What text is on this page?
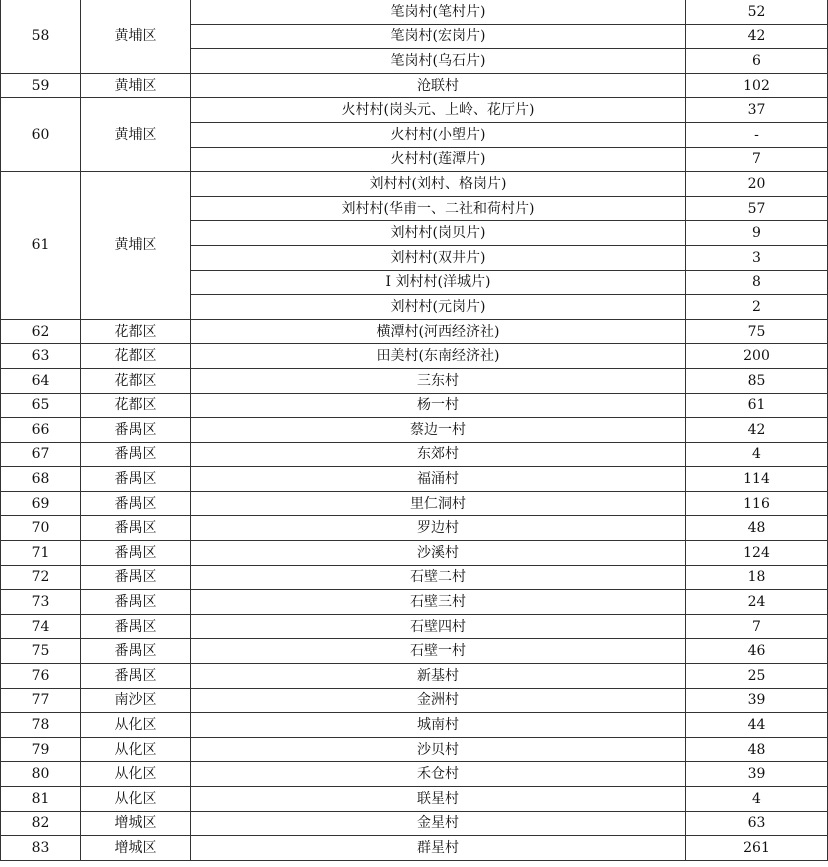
58	黄埔区	笔岗村(笔村片)	52
		笔岗村(宏岗片)	42
		笔岗村(乌石片)	6
59	黄埔区	沧联村	102
60	黄埔区	火村村(岗头元、上岭、花厅片)	37
		火村村(小塱片)	-
		火村村(莲潭片)	7
61	黄埔区	刘村村(刘村、格岗片)	20
		刘村村(华甫一、二社和荷村片)	57
		刘村村(岗贝片)	9
		刘村村(双井片)	3
		I 刘村村(洋城片)	8
		刘村村(元岗片)	2
62	花都区	横潭村(河西经济社)	75
63	花都区	田美村(东南经济社)	200
64	花都区	三东村	85
65	花都区	杨一村	61
66	番禺区	蔡边一村	42
67	番禺区	东郊村	4
68	番禺区	福涌村	114
69	番禺区	里仁洞村	116
70	番禺区	罗边村	48
71	番禺区	沙溪村	124
72	番禺区	石壁二村	18
73	番禺区	石壁三村	24
74	番禺区	石壁四村	7
75	番禺区	石壁一村	46
76	番禺区	新基村	25
77	南沙区	金洲村	39
78	从化区	城南村	44
79	从化区	沙贝村	48
80	从化区	禾仓村	39
81	从化区	联星村	4
82	增城区	金星村	63
83	增城区	群星村	261
